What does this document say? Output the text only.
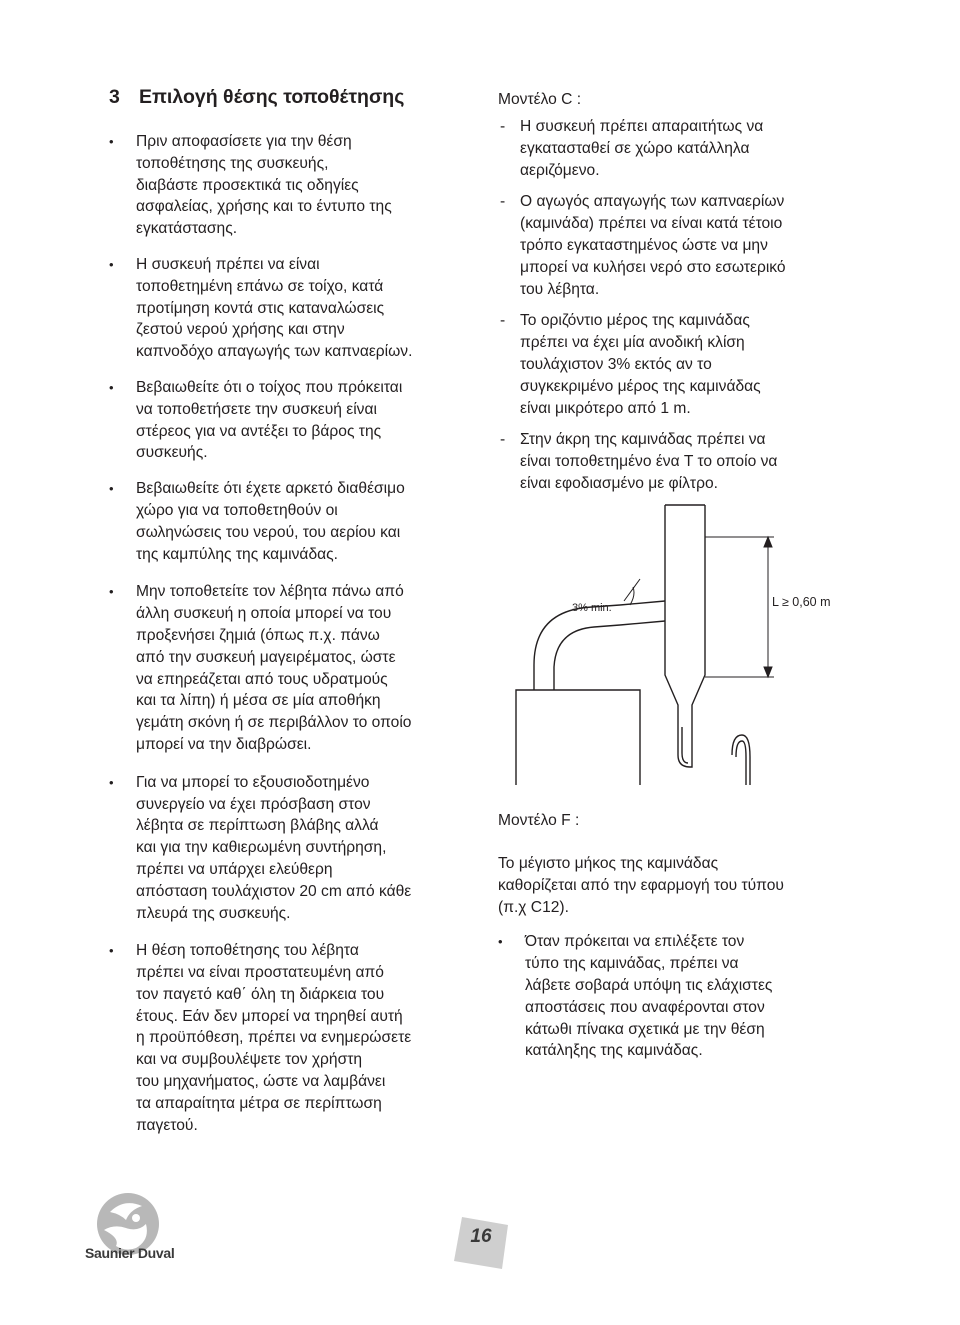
3 Επιλογή θέσης τοποθέτησης
• Πριν αποφασίσετε για την θέση
τοποθέτησης της συσκευής,
διαβάστε προσεκτικά τις οδηγίες
ασφαλείας, χρήσης και το έντυπο της
εγκατάστασης.
• Η συσκευή πρέπει να είναι
τοποθετημένη επάνω σε τοίχο, κατά
προτίμηση κοντά στις καταναλώσεις
ζεστού νερού χρήσης και στην
καπνοδόχο απαγωγής των καπναερίων.
• Βεβαιωθείτε ότι ο τοίχος που πρόκειται
να τοποθετήσετε την συσκευή είναι
στέρεος για να αντέξει το βάρος της
συσκευής.
• Βεβαιωθείτε ότι έχετε αρκετό διαθέσιμο
χώρο για να τοποθετηθούν οι
σωληνώσεις του νερού, του αερίου και
της καμπύλης της καμινάδας.
• Μην τοποθετείτε τον λέβητα πάνω από
άλλη συσκευή η οποία μπορεί να του
προξενήσει ζημιά (όπως π.χ. πάνω
από την συσκευή μαγειρέματος, ώστε
να επηρεάζεται από τους υδρατμούς
και τα λίπη) ή μέσα σε μία αποθήκη
γεμάτη σκόνη ή σε περιβάλλον το οποίο
μπορεί να την διαβρώσει.
• Για να μπορεί το εξουσιοδοτημένο
συνεργείο να έχει πρόσβαση στον
λέβητα σε περίπτωση βλάβης αλλά
και για την καθιερωμένη συντήρηση,
πρέπει να υπάρχει ελεύθερη
απόσταση τουλάχιστον 20 cm από κάθε
πλευρά της συσκευής.
• Η θέση τοποθέτησης του λέβητα
πρέπει να είναι προστατευμένη από
τον παγετό καθ΄ όλη τη διάρκεια του
έτους. Εάν δεν μπορεί να τηρηθεί αυτή
η προϋπόθεση, πρέπει να ενημερώσετε
και να συμβουλέψετε τον χρήστη
του μηχανήματος, ώστε να λαμβάνει
τα απαραίτητα μέτρα σε περίπτωση
παγετού.
Μοντέλο C :
- Η συσκευή πρέπει απαραιτήτως να
εγκατασταθεί σε χώρο κατάλληλα
αεριζόμενο.
- Ο αγωγός απαγωγής των καπναερίων
(καμινάδα) πρέπει να είναι κατά τέτοιο
τρόπο εγκαταστημένος ώστε να μην
μπορεί να κυλήσει νερό στο εσωτερικό
του λέβητα.
- Το οριζόντιο μέρος της καμινάδας
πρέπει να έχει μία ανοδική κλίση
τουλάχιστον 3% εκτός αν το
συγκεκριμένο μέρος της καμινάδας
είναι μικρότερο από 1 m.
- Στην άκρη της καμινάδας πρέπει να
είναι τοποθετημένο ένα T το οποίο να
είναι εφοδιασμένο με φίλτρο.
3% min.	L ≥ 0,60 m
Μοντέλο F :
Το μέγιστο μήκος της καμινάδας
καθορίζεται από την εφαρμογή του τύπου
(π.χ C12).
• Όταν πρόκειται να επιλέξετε τον
τύπο της καμινάδας, πρέπει να
λάβετε σοβαρά υπόψη τις ελάχιστες
αποστάσεις που αναφέρονται στον
κάτωθι πίνακα σχετικά με την θέση
κατάληξης της καμινάδας.
Saunier Duval
16
